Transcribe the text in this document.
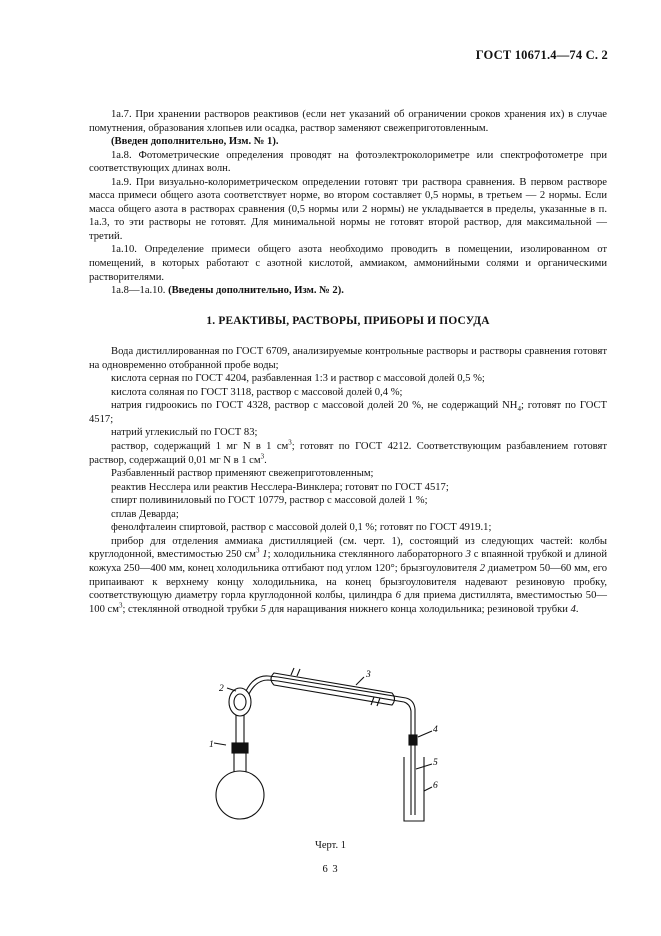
ГОСТ 10671.4—74 С. 2

1а.7. При хранении растворов реактивов (если нет указаний об ограничении сроков хранения их) в случае помутнения, образования хлопьев или осадка, раствор заменяют свежеприготовленным.

(Введен дополнительно, Изм. № 1).

1а.8. Фотометрические определения проводят на фотоэлектроколориметре или спектрофотометре при соответствующих длинах волн.

1а.9. При визуально-колориметрическом определении готовят три раствора сравнения. В первом растворе масса примеси общего азота соответствует норме, во втором составляет 0,5 нормы, в третьем — 2 нормы. Если масса общего азота в растворах сравнения (0,5 нормы или 2 нормы) не укладывается в пределы, указанные в п. 1а.3, то эти растворы не готовят. Для минимальной нормы не готовят второй раствор, для максимальной — третий.

1а.10. Определение примеси общего азота необходимо проводить в помещении, изолированном от помещений, в которых работают с азотной кислотой, аммиаком, аммонийными солями и органическими растворителями.

1а.8—1а.10. (Введены дополнительно, Изм. № 2).

1. РЕАКТИВЫ, РАСТВОРЫ, ПРИБОРЫ И ПОСУДА

Вода дистиллированная по ГОСТ 6709, анализируемые контрольные растворы и растворы сравнения готовят на одновременно отобранной пробе воды;

кислота серная по ГОСТ 4204, разбавленная 1:3 и раствор с массовой долей 0,5 %;

кислота соляная по ГОСТ 3118, раствор с массовой долей 0,4 %;

натрия гидроокись по ГОСТ 4328, раствор с массовой долей 20 %, не содержащий $NH_4$; готовят по ГОСТ 4517;

натрий углекислый по ГОСТ 83;

раствор, содержащий 1 мг N в 1 $см^3$; готовят по ГОСТ 4212. Соответствующим разбавлением готовят раствор, содержащий 0,01 мг N в 1 $см^3$.

Разбавленный раствор применяют свежеприготовленным;

реактив Несслера или реактив Несслера-Винклера; готовят по ГОСТ 4517;

спирт поливиниловый по ГОСТ 10779, раствор с массовой долей 1 %;

сплав Деварда;

фенолфталеин спиртовой, раствор с массовой долей 0,1 %; готовят по ГОСТ 4919.1;

прибор для отделения аммиака дистилляцией (см. черт. 1), состоящий из следующих частей: колбы круглодонной, вместимостью 250 $см^3$ 1; холодильника стеклянного лабораторного 3 с впаянной трубкой и длиной кожуха 250—400 мм, конец холодильника отгибают под углом 120°; брызгоуловителя 2 диаметром 50—60 мм, его припаивают к верхнему концу холодильника, на конец брызгоуловителя надевают резиновую пробку, соответствующую диаметру горла круглодонной колбы, цилиндра 6 для приема дистиллята, вместимостью 50—100 $см^3$; стеклянной отводной трубки 5 для наращивания нижнего конца холодильника; резиновой трубки 4.

1
2
3
4
5
6
Черт. 1
6 3
